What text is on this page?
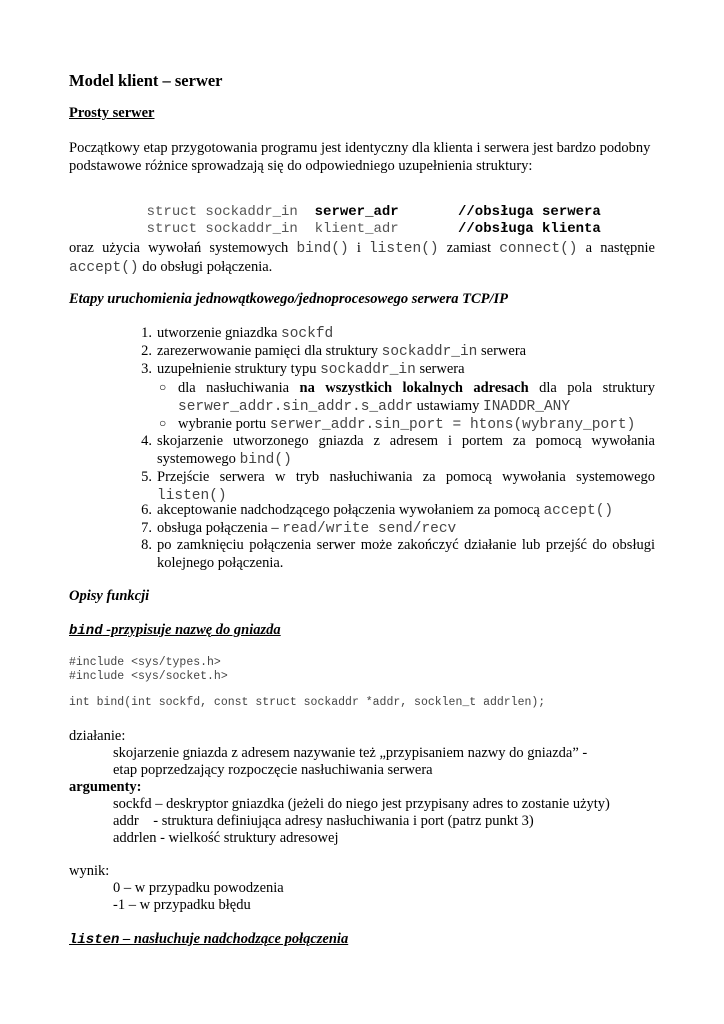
Model klient – serwer
Prosty serwer
Początkowy etap przygotowania programu jest identyczny dla klienta i serwera jest bardzo podobny
podstawowe różnice sprowadzają się do odpowiedniego uzupełnienia struktury:

struct sockaddr_in serwer_adr	//obsługa serwera

struct sockaddr_in klient_adr	//obsługa klienta

oraz użycia wywołań systemowych bind() i listen() zamiast connect() a następnie
accept() do obsługi połączenia.
Etapy uruchomienia jednowątkowego/jednoprocesowego serwera TCP/IP
1. utworzenie gniazdka sockfd
2. zarezerwowanie pamięci dla struktury sockaddr_in serwera
3. uzupełnienie struktury typu sockaddr_in serwera
○ dla nasłuchiwania na wszystkich lokalnych adresach dla pola struktury
serwer_addr.sin_addr.s_addr ustawiamy INADDR_ANY
○ wybranie portu serwer_addr.sin_port = htons(wybrany_port)
4. skojarzenie utworzonego gniazda z adresem i portem za pomocą wywołania systemowego bind()
5. Przejście serwera w tryb nasłuchiwania za pomocą wywołania systemowego listen()
6. akceptowanie nadchodzącego połączenia wywołaniem za pomocą accept()
7. obsługa połączenia – read/write send/recv
8. po zamknięciu połączenia serwer może zakończyć działanie lub przejść do obsługi kolejnego połączenia.
Opisy funkcji
bind -przypisuje nazwę do gniazda
#include <sys/types.h>
#include <sys/socket.h>
int bind(int sockfd, const struct sockaddr *addr, socklen_t addrlen);
działanie:
skojarzenie gniazda z adresem nazywanie też „przypisaniem nazwy do gniazda” -
etap poprzedzający rozpoczęcie nasłuchiwania serwera
argumenty:
sockfd – deskryptor gniazdka (jeżeli do niego jest przypisany adres to zostanie użyty)
addr    - struktura definiująca adresy nasłuchiwania i port (patrz punkt 3)
addrlen - wielkość struktury adresowej
wynik:
0 – w przypadku powodzenia
-1 – w przypadku błędu
listen – nasłuchuje nadchodzące połączenia
